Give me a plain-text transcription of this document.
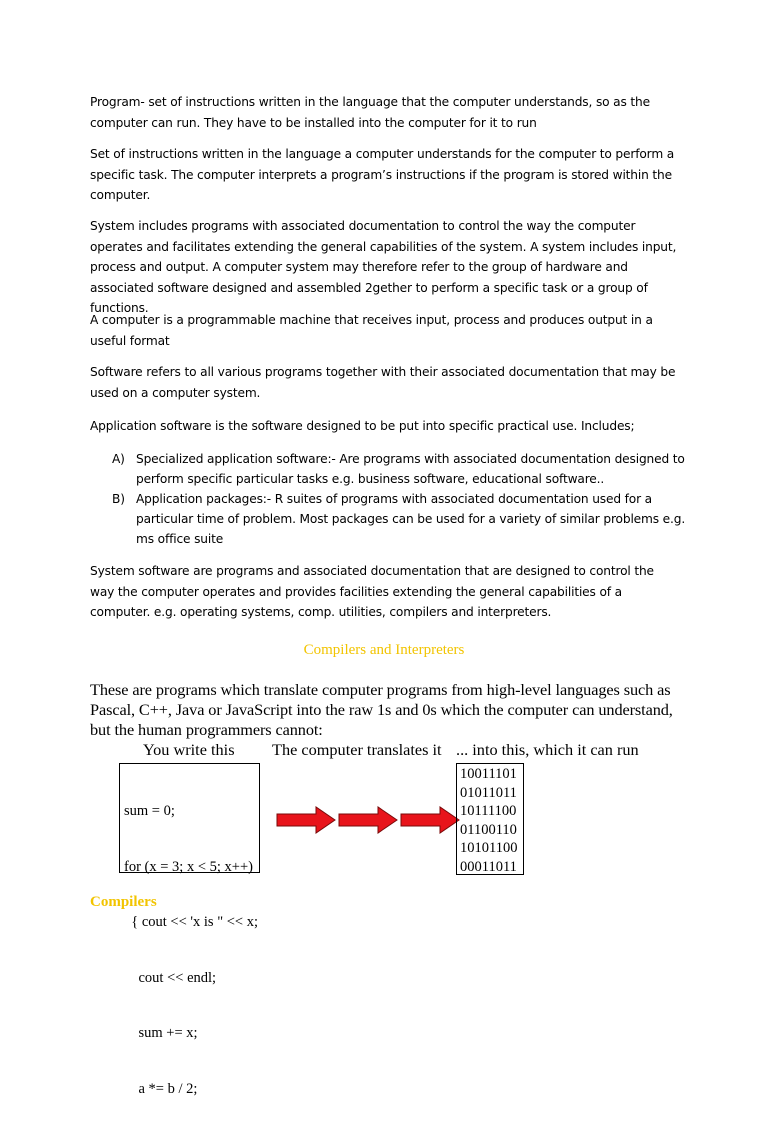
Program- set of instructions written in the language that the computer understands, so as the computer can run. They have to be installed into the computer for it to run

Set of instructions written in the language a computer understands for the computer to perform a specific task. The computer interprets a program’s instructions if the program is stored within the computer.

System includes programs with associated documentation to control the way the computer operates and facilitates extending the general capabilities of the system. A system includes input, process and output. A computer system may therefore refer to the group of hardware and associated software designed and assembled 2gether to perform a specific task or a group of functions.

A computer is a programmable machine that receives input, process and produces output in a useful format

Software refers to all various programs together with their associated documentation that may be used on a computer system.

Application software is the software designed to be put into specific practical use. Includes;

A) Specialized application software:- Are programs with associated documentation designed to perform specific particular tasks e.g. business software, educational software..
B) Application packages:- R suites of programs with associated documentation used for a particular time of problem. Most packages can be used for a variety of similar problems e.g. ms office suite

System software are programs and associated documentation that are designed to control the way the computer operates and provides facilities extending the general capabilities of a computer. e.g. operating systems, comp. utilities, compilers and interpreters.

Compilers and Interpreters
These are programs which translate computer programs from high-level languages such as Pascal, C++, Java or JavaScript into the raw 1s and 0s which the computer can understand, but the human programmers cannot:
You write this The computer translates it ... into this, which it can run

sum = 0;

for (x = 3; x < 5; x++)

{ cout << 'x is " << x;

cout << endl;

sum += x;

a *= b / 2;

10011101
01011011
10111100
01100110
10101100
00011011
Compilers
